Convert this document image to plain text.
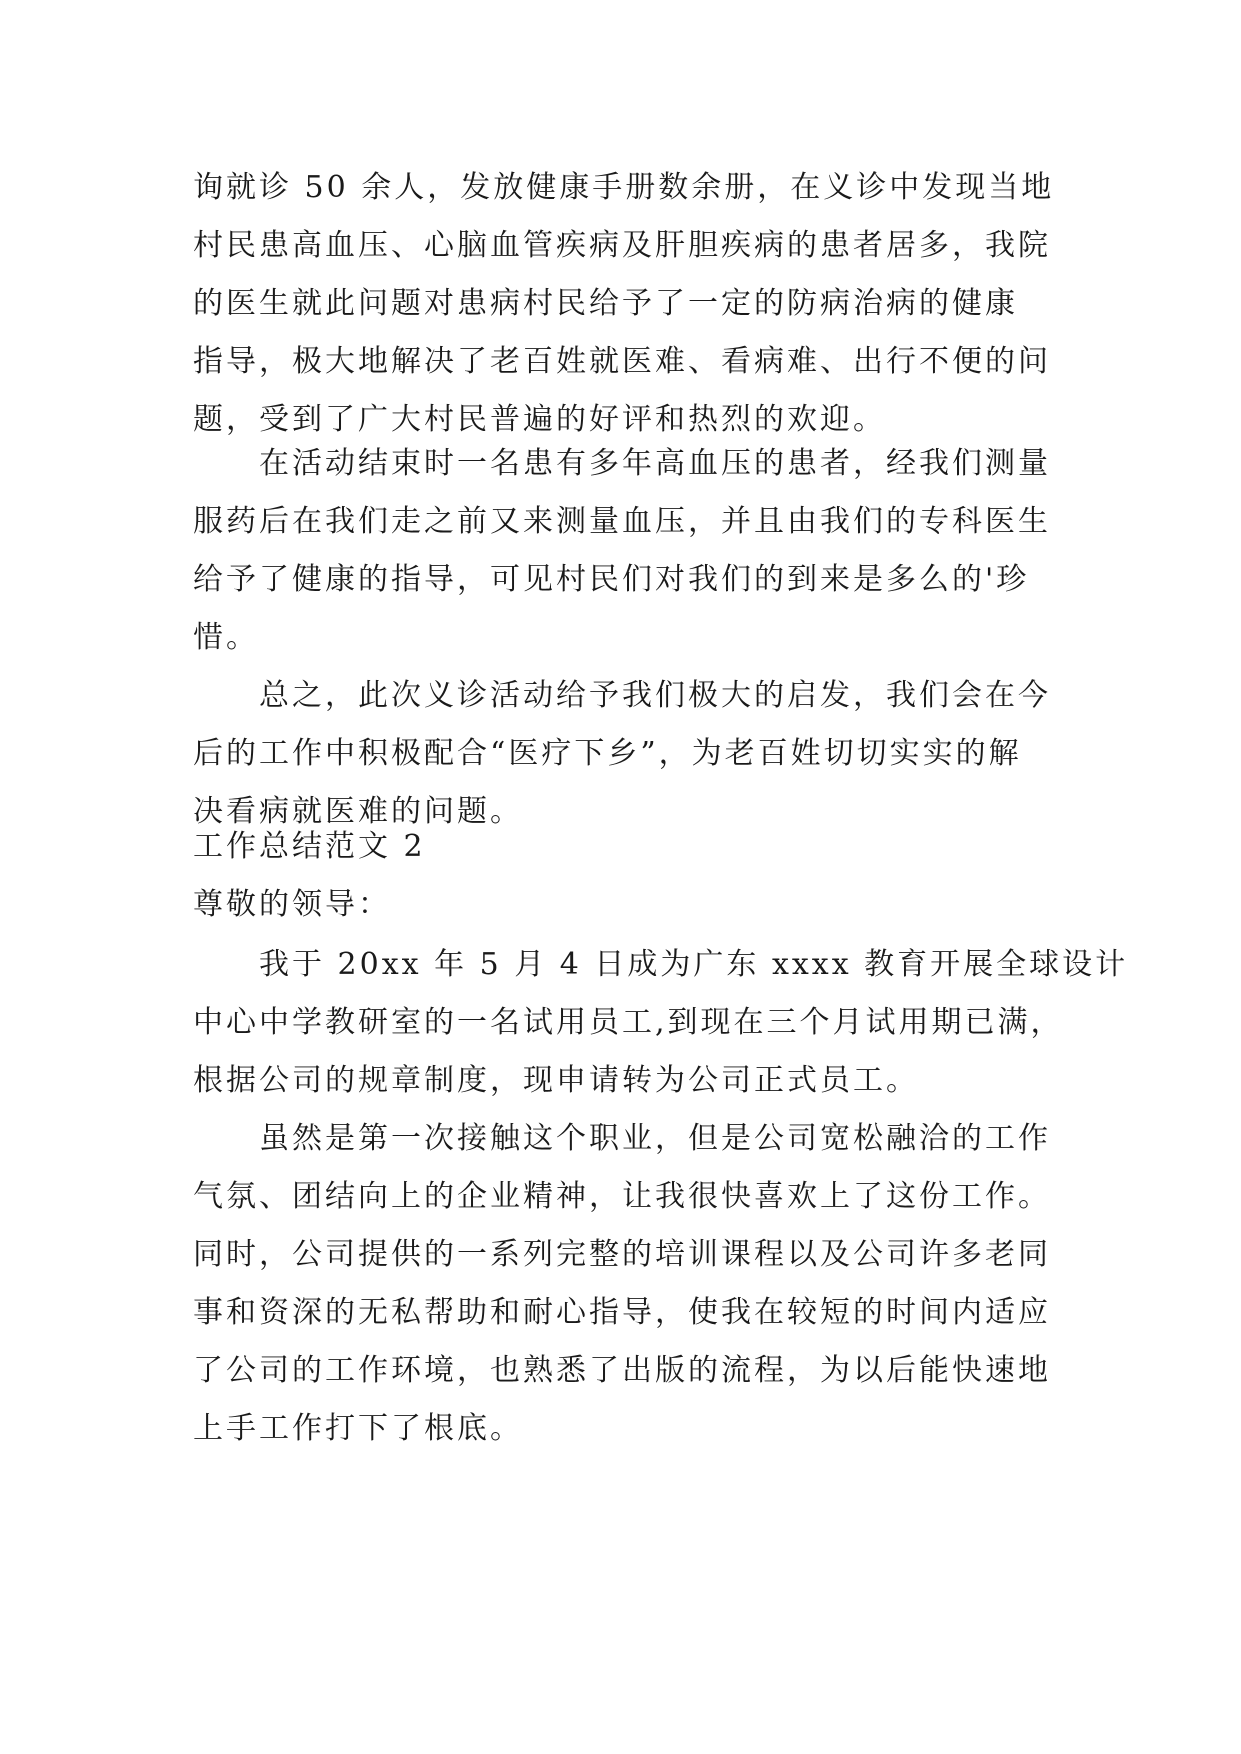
询就诊 50 余人，发放健康手册数余册，在义诊中发现当地
村民患高血压、心脑血管疾病及肝胆疾病的患者居多，我院
的医生就此问题对患病村民给予了一定的防病治病的健康
指导，极大地解决了老百姓就医难、看病难、出行不便的问
题，受到了广大村民普遍的好评和热烈的欢迎。
在活动结束时一名患有多年高血压的患者，经我们测量
服药后在我们走之前又来测量血压，并且由我们的专科医生
给予了健康的指导，可见村民们对我们的到来是多么的'珍
惜。
总之，此次义诊活动给予我们极大的启发，我们会在今
后的工作中积极配合“医疗下乡”，为老百姓切切实实的解
决看病就医难的问题。
工作总结范文 2
尊敬的领导：
我于 20xx 年 5 月 4 日成为广东 xxxx 教育开展全球设计
中心中学教研室的一名试用员工,到现在三个月试用期已满，
根据公司的规章制度，现申请转为公司正式员工。
虽然是第一次接触这个职业，但是公司宽松融洽的工作
气氛、团结向上的企业精神，让我很快喜欢上了这份工作。
同时，公司提供的一系列完整的培训课程以及公司许多老同
事和资深的无私帮助和耐心指导，使我在较短的时间内适应
了公司的工作环境，也熟悉了出版的流程，为以后能快速地
上手工作打下了根底。
